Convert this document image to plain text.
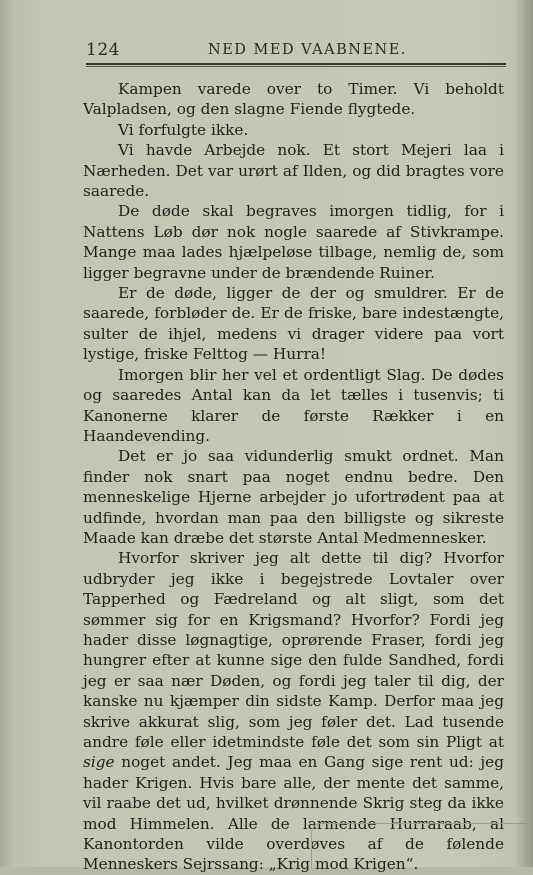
124	NED MED VAABNENE.

Kampen varede over to Timer. Vi beholdt Valpladsen, og den slagne Fiende flygtede.

Vi forfulgte ikke.

Vi havde Arbejde nok. Et stort Mejeri laa i Nærheden. Det var urørt af Ilden, og did bragtes vore saarede.

De døde skal begraves imorgen tidlig, for i Nattens Løb dør nok nogle saarede af Stivkrampe. Mange maa lades hjælpeløse tilbage, nemlig de, som ligger begravne under de brændende Ruiner.

Er de døde, ligger de der og smuldrer. Er de saarede, forbløder de. Er de friske, bare indestængte, sulter de ihjel, medens vi drager videre paa vort lystige, friske Felttog — Hurra!

Imorgen blir her vel et ordentligt Slag. De dødes og saaredes Antal kan da let tælles i tusenvis; ti Kanonerne klarer de første Rækker i en Haandevending.

Det er jo saa vidunderlig smukt ordnet. Man finder nok snart paa noget endnu bedre. Den menneskelige Hjerne arbejder jo ufortrødent paa at udfinde, hvordan man paa den billigste og sikreste Maade kan dræbe det største Antal Medmennesker.

Hvorfor skriver jeg alt dette til dig? Hvorfor udbryder jeg ikke i begejstrede Lovtaler over Tapperhed og Fædreland og alt sligt, som det sømmer sig for en Krigsmand? Hvorfor? Fordi jeg hader disse løgnagtige, oprørende Fraser, fordi jeg hungrer efter at kunne sige den fulde Sandhed, fordi jeg er saa nær Døden, og fordi jeg taler til dig, der kanske nu kjæmper din sidste Kamp. Derfor maa jeg skrive akkurat slig, som jeg føler det. Lad tusende andre føle eller idetmindste føle det som sin Pligt at sige noget andet. Jeg maa en Gang sige rent ud: jeg hader Krigen. Hvis bare alle, der mente det samme, vil raabe det ud, hvilket drønnende Skrig steg da ikke mod Himmelen. Alle de larmende Hurraraab, al Kanontorden vilde overdøves af de følende Menneskers Sejrssang: „Krig mod Krigen“.
